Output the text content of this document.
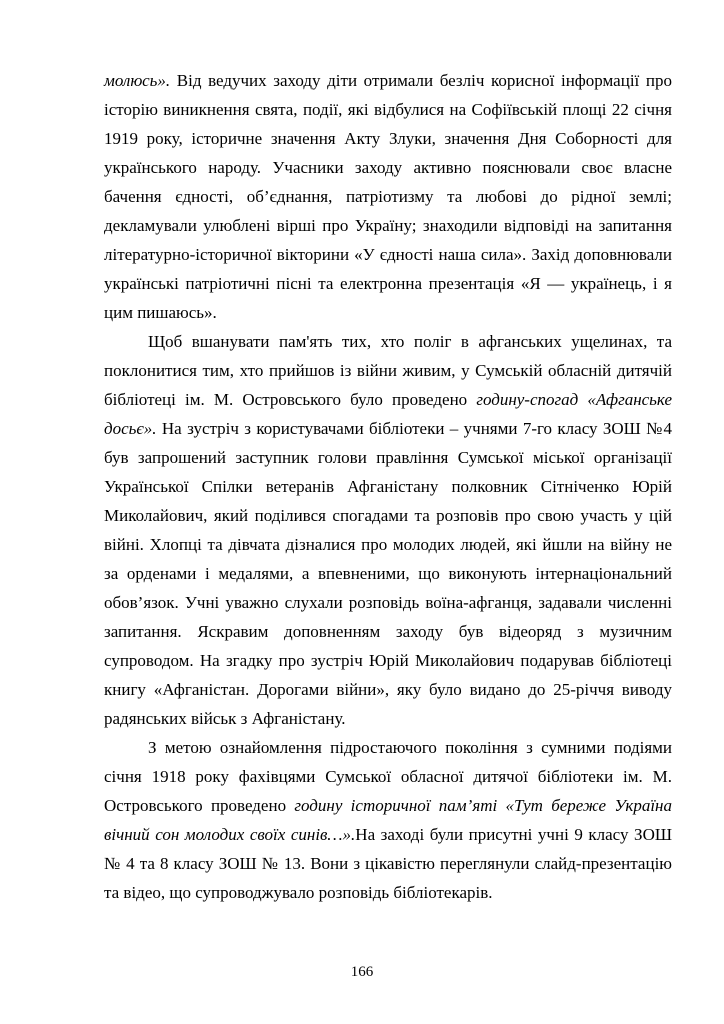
молюсь». Від ведучих заходу діти отримали безліч корисної інформації про історію виникнення свята, події, які відбулися на Софіївській площі 22 січня 1919 року, історичне значення Акту Злуки, значення Дня Соборності для українського народу. Учасники заходу активно пояснювали своє власне бачення єдності, об’єднання, патріотизму та любові до рідної землі; декламували улюблені вірші про Україну; знаходили відповіді на запитання літературно-історичної вікторини «У єдності наша сила». Захід доповнювали українські патріотичні пісні та електронна презентація «Я — українець, і я цим пишаюсь».

Щоб вшанувати пам'ять тих, хто поліг в афганських ущелинах, та поклонитися тим, хто прийшов із війни живим, у Сумській обласній дитячій бібліотеці ім. М. Островського було проведено годину-спогад «Афганське досьє». На зустріч з користувачами бібліотеки – учнями 7-го класу ЗОШ №4 був запрошений заступник голови правління Сумської міської організації Української Спілки ветеранів Афганістану полковник Сітніченко Юрій Миколайович, який поділився спогадами та розповів про свою участь у цій війні. Хлопці та дівчата дізналися про молодих людей, які йшли на війну не за орденами і медалями, а впевненими, що виконують інтернаціональний обов’язок. Учні уважно слухали розповідь воїна-афганця, задавали численні запитання. Яскравим доповненням заходу був відеоряд з музичним супроводом. На згадку про зустріч Юрій Миколайович подарував бібліотеці книгу «Афганістан. Дорогами війни», яку було видано до 25-річчя виводу радянських військ з Афганістану.

З метою ознайомлення підростаючого покоління з сумними подіями січня 1918 року фахівцями Сумської обласної дитячої бібліотеки ім. М. Островського проведено годину історичної пам’яті «Тут береже Україна вічний сон молодих своїх синів…».На заході були присутні учні 9 класу ЗОШ № 4 та 8 класу ЗОШ № 13. Вони з цікавістю переглянули слайд-презентацію та відео, що супроводжувало розповідь бібліотекарів.

166
